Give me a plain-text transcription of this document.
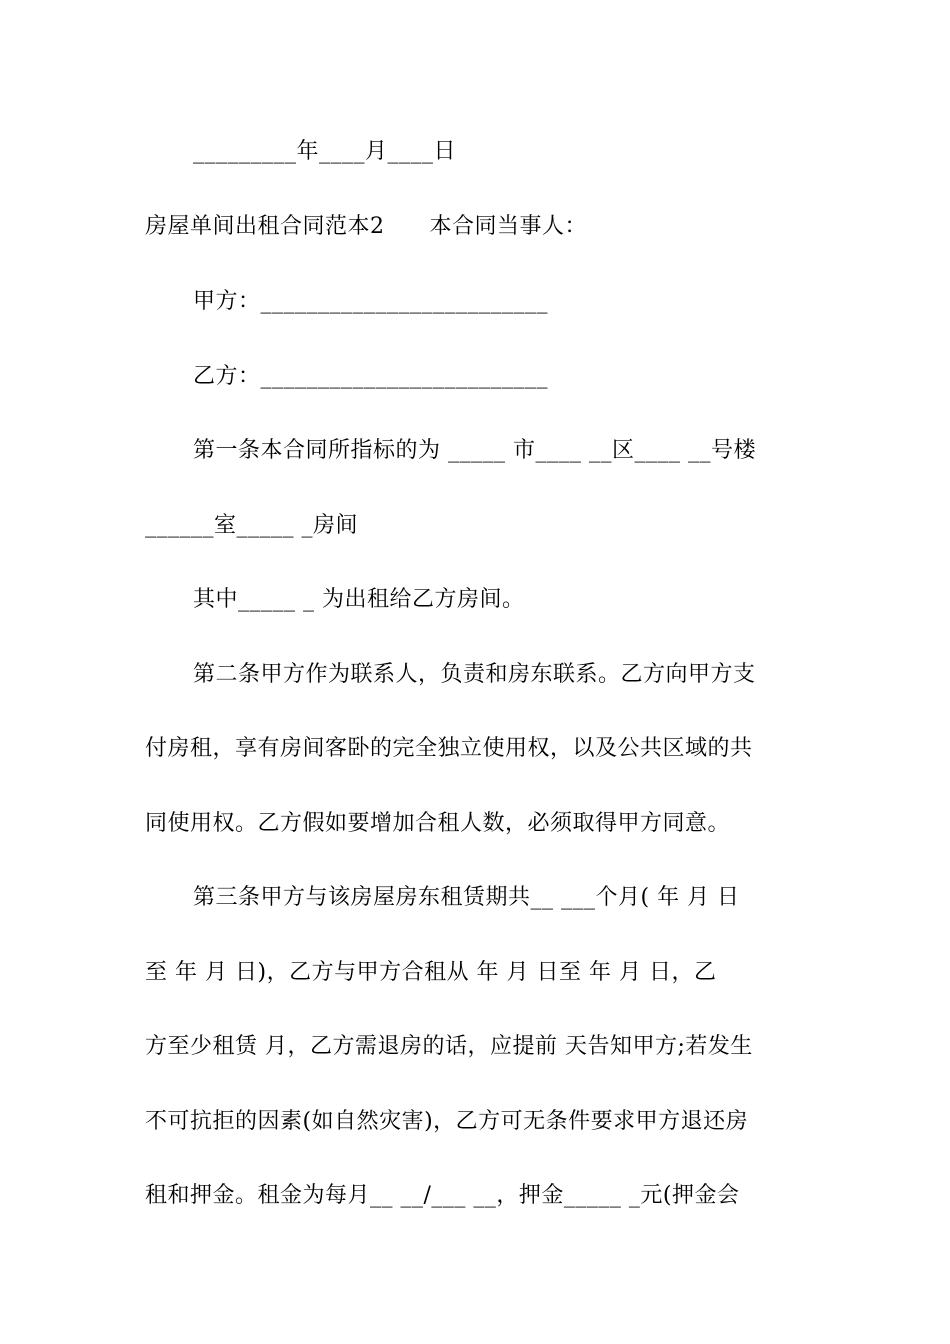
_________年____月____日
房屋单间出租合同范本2　　本合同当事人：
甲方：_________________________
乙方：_________________________
第一条本合同所指标的为 _____ 市____ __区____ __号楼
______室_____ _房间
其中_____ _ 为出租给乙方房间。
第二条甲方作为联系人，负责和房东联系。乙方向甲方支
付房租，享有房间客卧的完全独立使用权，以及公共区域的共
同使用权。乙方假如要增加合租人数，必须取得甲方同意。
第三条甲方与该房屋房东租赁期共__ ___个月( 年 月 日
至 年 月 日)，乙方与甲方合租从 年 月 日至 年 月 日，乙
方至少租赁 月，乙方需退房的话，应提前 天告知甲方;若发生
不可抗拒的因素(如自然灾害)，乙方可无条件要求甲方退还房
租和押金。租金为每月__ __/___ __，押金_____ _元(押金会
